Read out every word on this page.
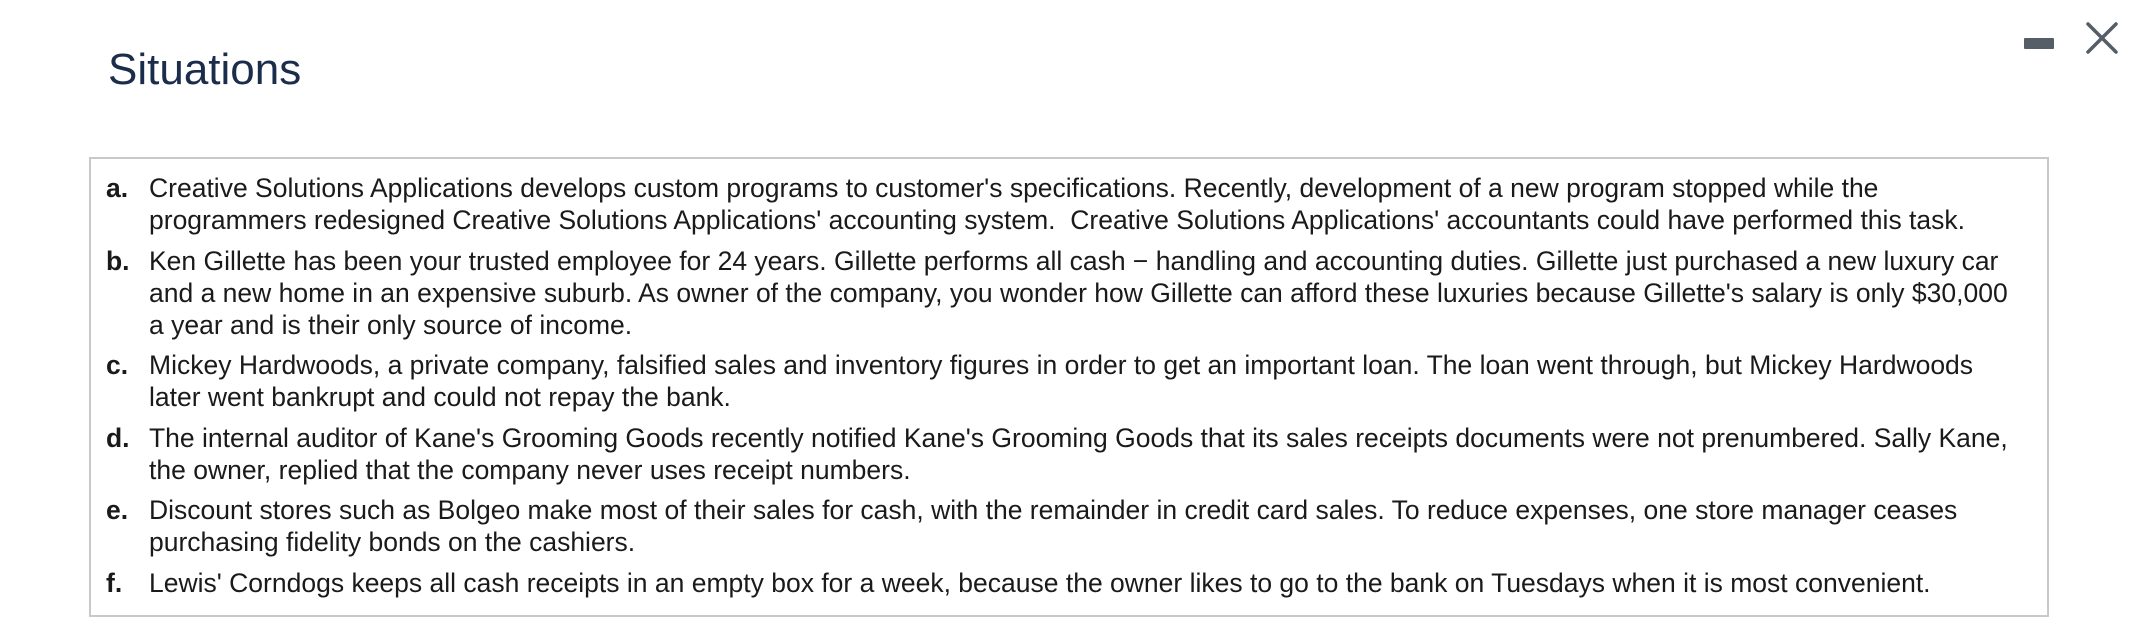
Situations
a. Creative Solutions Applications develops custom programs to customer's specifications. Recently, development of a new program stopped while the programmers redesigned Creative Solutions Applications' accounting system.  Creative Solutions Applications' accountants could have performed this task.
b. Ken Gillette has been your trusted employee for 24 years. Gillette performs all cash − handling and accounting duties. Gillette just purchased a new luxury car and a new home in an expensive suburb. As owner of the company, you wonder how Gillette can afford these luxuries because Gillette's salary is only $30,000 a year and is their only source of income.
c. Mickey Hardwoods, a private company, falsified sales and inventory figures in order to get an important loan. The loan went through, but Mickey Hardwoods later went bankrupt and could not repay the bank.
d. The internal auditor of Kane's Grooming Goods recently notified Kane's Grooming Goods that its sales receipts documents were not prenumbered. Sally Kane, the owner, replied that the company never uses receipt numbers.
e. Discount stores such as Bolgeo make most of their sales for cash, with the remainder in credit card sales. To reduce expenses, one store manager ceases purchasing fidelity bonds on the cashiers.
f.	Lewis' Corndogs keeps all cash receipts in an empty box for a week, because the owner likes to go to the bank on Tuesdays when it is most convenient.
